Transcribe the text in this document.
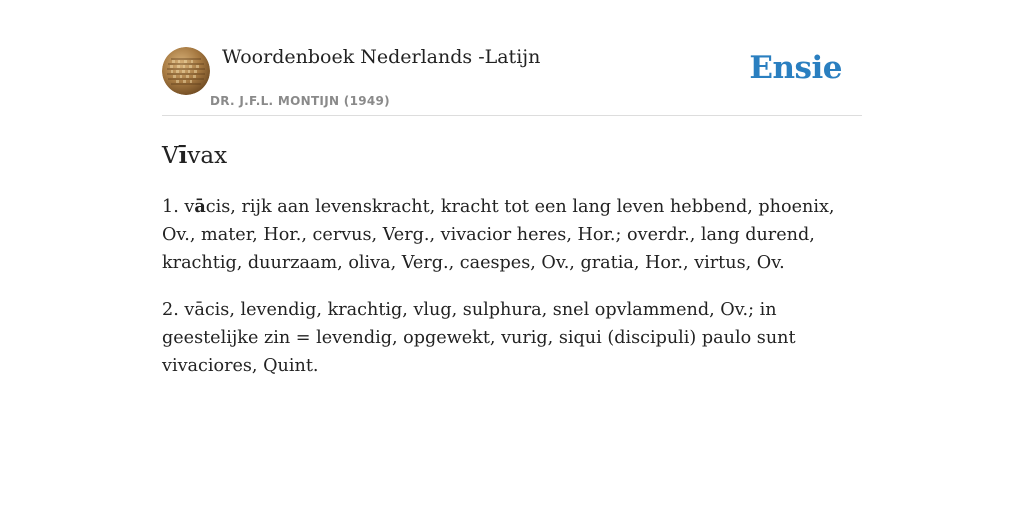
Woordenboek Nederlands -Latijn
DR. J.F.L. MONTIJN (1949)
Ensie
Vīvax

1. vācis, rijk aan levenskracht, kracht tot een lang leven hebbend, phoenix, Ov., mater, Hor., cervus, Verg., vivacior heres, Hor.; overdr., lang durend, krachtig, duurzaam, oliva, Verg., caespes, Ov., gratia, Hor., virtus, Ov.

2. vācis, levendig, krachtig, vlug, sulphura, snel opvlammend, Ov.; in geestelijke zin = levendig, opgewekt, vurig, siqui (discipuli) paulo sunt vivaciores, Quint.
